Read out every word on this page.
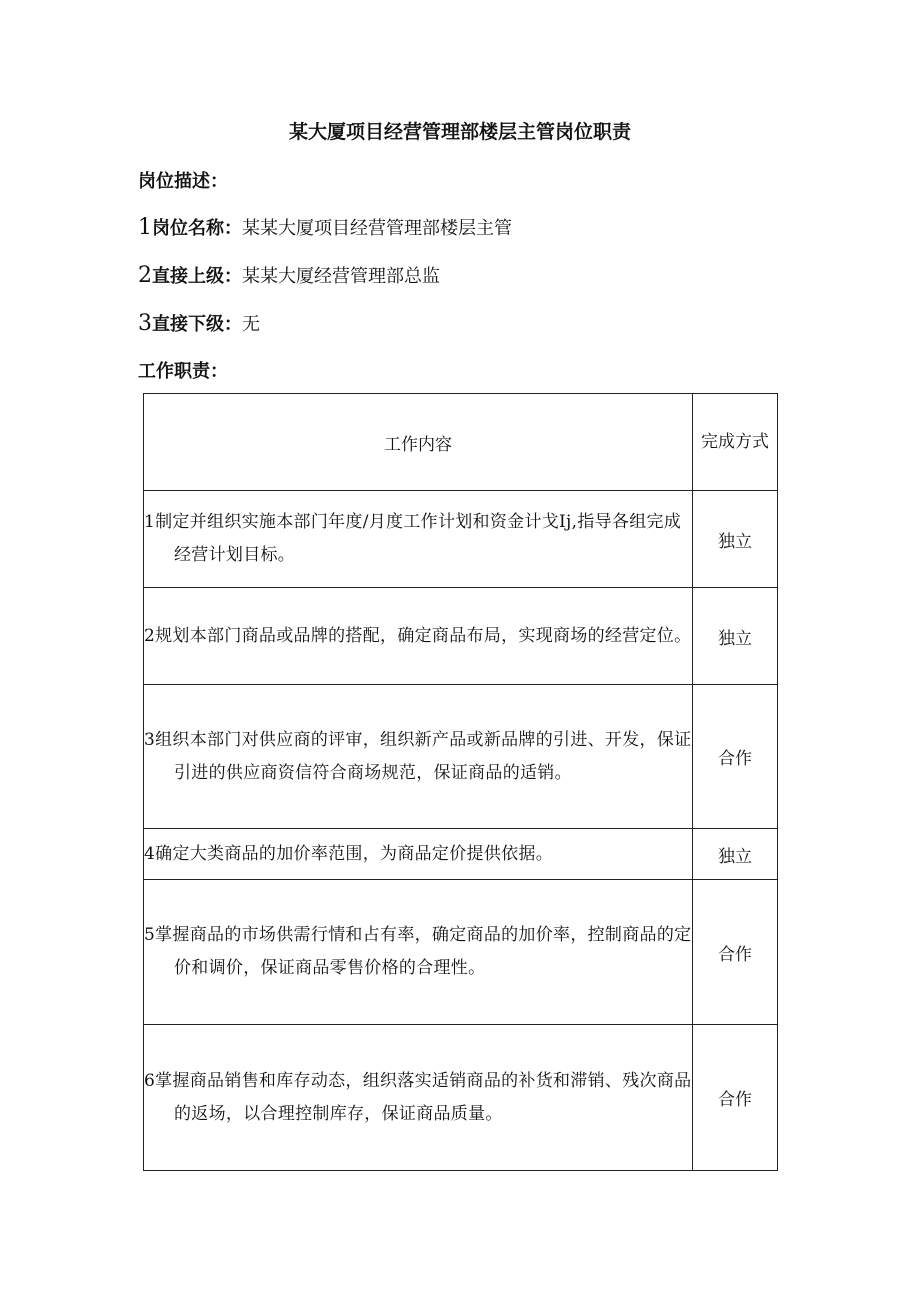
某大厦项目经营管理部楼层主管岗位职责
岗位描述：
1岗位名称：某某大厦项目经营管理部楼层主管
2直接上级：某某大厦经营管理部总监
3直接下级：无
工作职责：
工作内容	完成方式

1制定并组织实施本部门年度/月度工作计划和资金计戈Ij,指导各组完成经营计划目标。	独立

2规划本部门商品或品牌的搭配，确定商品布局，实现商场的经营定位。	独立

3组织本部门对供应商的评审，组织新产品或新品牌的引进、开发，保证引进的供应商资信符合商场规范，保证商品的适销。	合作

4确定大类商品的加价率范围，为商品定价提供依据。	独立

5掌握商品的市场供需行情和占有率，确定商品的加价率，控制商品的定价和调价，保证商品零售价格的合理性。	合作

6掌握商品销售和库存动态，组织落实适销商品的补货和滞销、残次商品的返场，以合理控制库存，保证商品质量。	合作
